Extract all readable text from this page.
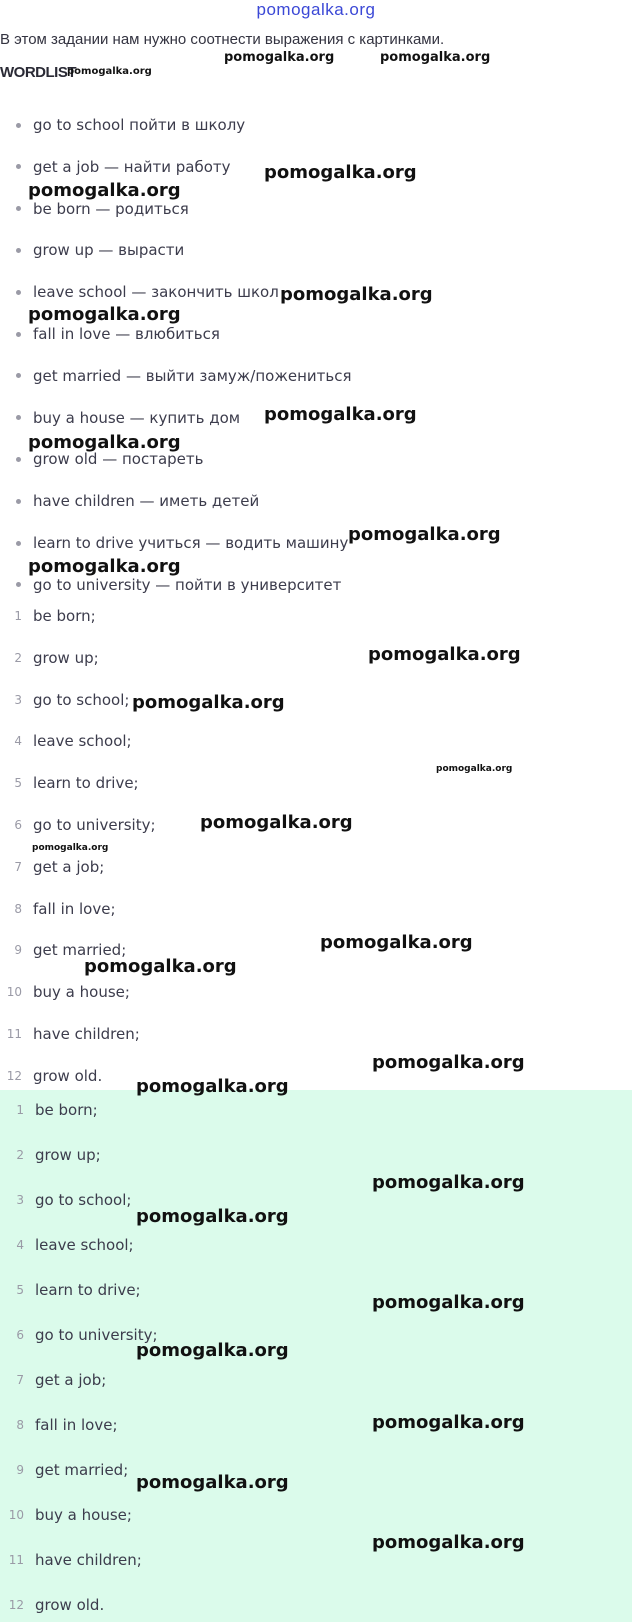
pomogalka.org
В этом задании нам нужно соотнести выражения с картинками.
WORDLIST
go to school пойти в школу
get a job — найти работу
be born — родиться
grow up — вырасти
leave school — закончить школ
fall in love — влюбиться
get married — выйти замуж/пожениться
buy a house — купить дом
grow old — постареть
have children — иметь детей
learn to drive учиться — водить машину
go to university — пойти в университет
1 be born;
2 grow up;
3 go to school;
4 leave school;
5 learn to drive;
6 go to university;
7 get a job;
8 fall in love;
9 get married;
10 buy a house;
11 have children;
12 grow old.
1 be born;
2 grow up;
3 go to school;
4 leave school;
5 learn to drive;
6 go to university;
7 get a job;
8 fall in love;
9 get married;
10 buy a house;
11 have children;
12 grow old.
pomogalka.org
pomogalka.org	pomogalka.org
pomogalka.org
pomogalka.org
pomogalka.org
pomogalka.org
pomogalka.org
pomogalka.org
pomogalka.org
pomogalka.org
pomogalka.org
pomogalka.org
pomogalka.org
pomogalka.org
pomogalka.org
pomogalka.org
pomogalka.org
pomogalka.org
pomogalka.org
pomogalka.org
pomogalka.org
pomogalka.org
pomogalka.org
pomogalka.org
pomogalka.org
pomogalka.org
